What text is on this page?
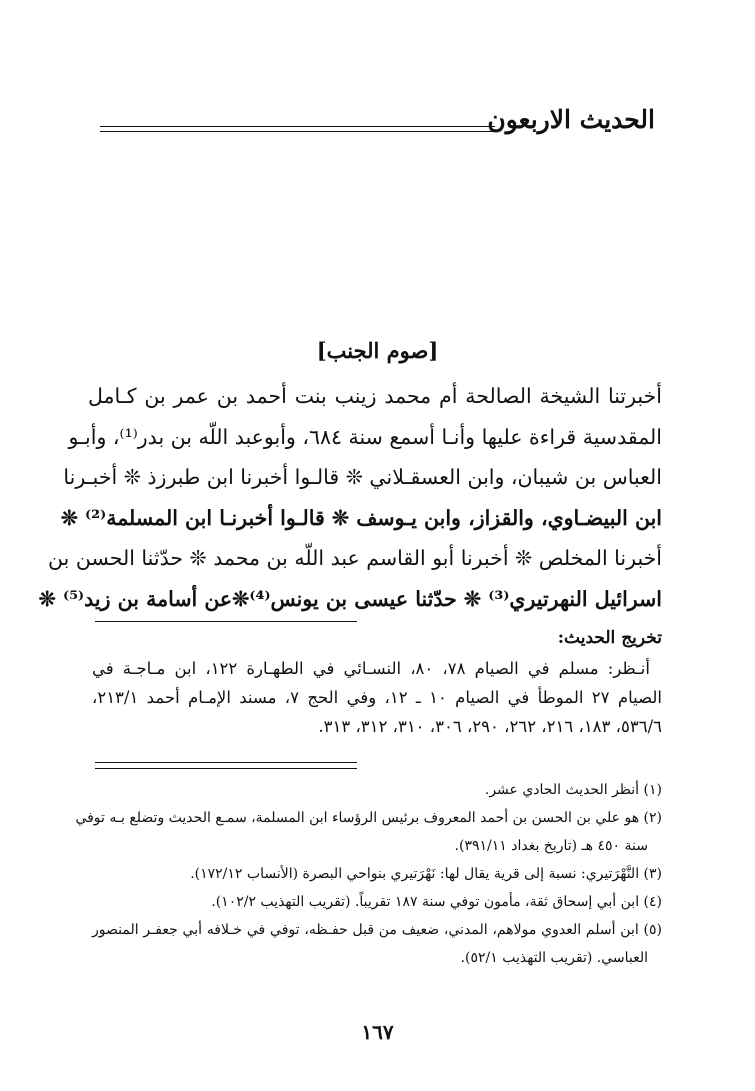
الحديث الاربعون
[صوم الجنب]
أخبرتنا الشيخة الصالحة أم محمد زينب بنت أحمد بن عمر بن كـامل
المقدسية قراءة عليها وأنـا أسمع سنة ٦٨٤، وأبوعبد اللّه بن بدر⁽¹⁾، وأبـو
العباس بن شيبان، وابن العسقـلاني ❊ قالـوا أخبرنا ابن طبرزذ ❊ أخبـرنا
ابن البيضـاوي، والقزاز، وابن يـوسف ❊ قالـوا أخبرنـا ابن المسلمة⁽²⁾ ❊
أخبرنا المخلص ❊ أخبرنا أبو القاسم عبد اللّه بن محمد ❊ حدّثنا الحسن بن
اسرائيل النهرتيري⁽³⁾ ❊ حدّثنا عيسى بن يونس⁽⁴⁾❊عن أسامة بن زيد⁽⁵⁾ ❊
تخريج الحديث:
أنـظر: مسلم في الصيام ٧٨، ٨٠، النسـائي في الطهـارة ١٢٢، ابن مـاجـة في
الصيام ٢٧ الموطأ في الصيام ١٠ ـ ١٢، وفي الحج ٧، مسند الإمـام أحمد ٢١٣/١،
٥٣٦/٦، ١٨٣، ٢١٦، ٢٦٢، ٢٩٠، ٣٠٦، ٣١٠، ٣١٢، ٣١٣.
(١) أنظر الحديث الحادي عشر.
(٢) هو علي بن الحسن بن أحمد المعروف برئيس الرؤساء ابن المسلمة، سمـع الحديث وتضلع بـه توفي
سنة ٤٥٠ هـ (تاريخ بغداد ٣٩١/١١).
(٣) النَّهْرَتيري: نسبة إلى قرية يقال لها: نَهْرَتيري بنواحي البصرة (الأنساب ١٧٢/١٢).
(٤) ابن أبي إسحاق ثقة، مأمون توفي سنة ١٨٧ تقريباً. (تقريب التهذيب ١٠٢/٢).
(٥) ابن أسلم العدوي مولاهم، المدني، ضعيف من قبل حفـظه، توفي في خـلافه أبي جعفـر المنصور
العباسي. (تقريب التهذيب ٥٢/١).
١٦٧
